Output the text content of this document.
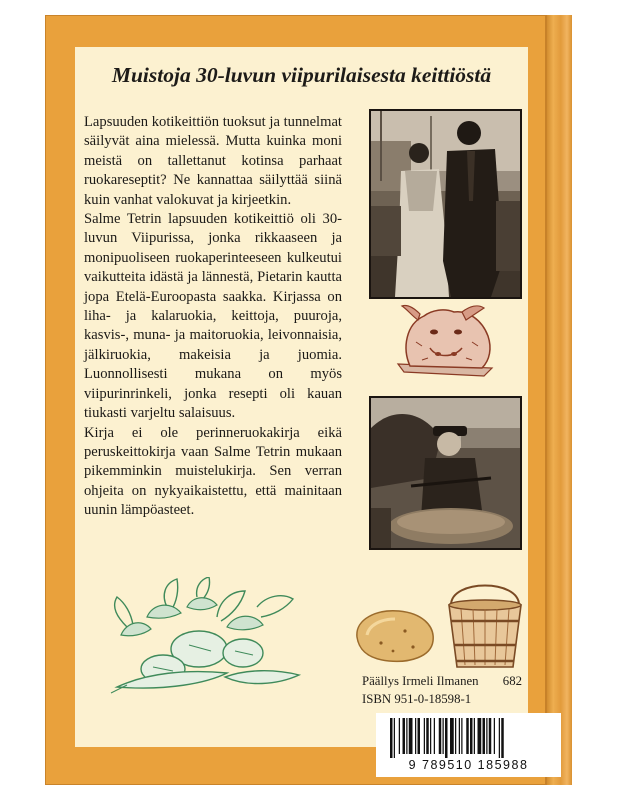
Muistoja 30-luvun viipurilaisesta keittiöstä

Lapsuuden kotikeittiön tuoksut ja tunnelmat säilyvät aina mielessä. Mutta kuinka moni meistä on tallettanut kotinsa parhaat ruokareseptit? Ne kannattaa säilyttää siinä kuin vanhat valokuvat ja kirjeetkin.

Salme Tetrin lapsuuden kotikeittiö oli 30-luvun Viipurissa, jonka rikkaaseen ja monipuoliseen ruokaperinteeseen kulkeutui vaikutteita idästä ja lännestä, Pietarin kautta jopa Etelä-Euroopasta saakka. Kirjassa on liha- ja kalaruokia, keittoja, puuroja, kasvis-, muna- ja maitoruokia, leivonnaisia, jälkiruokia, makeisia ja juomia. Luonnollisesti mukana on myös viipurinrinkeli, jonka resepti oli kauan tiukasti varjeltu salaisuus.

Kirja ei ole perinneruokakirja eikä peruskeittokirja vaan Salme Tetrin mukaan pikemminkin muistelukirja. Sen verran ohjeita on nykyaikaistettu, että mainitaan uunin lämpöasteet.

Päällys Irmeli Ilmanen 682
ISBN 951-0-18598-1
9 789510 185988
